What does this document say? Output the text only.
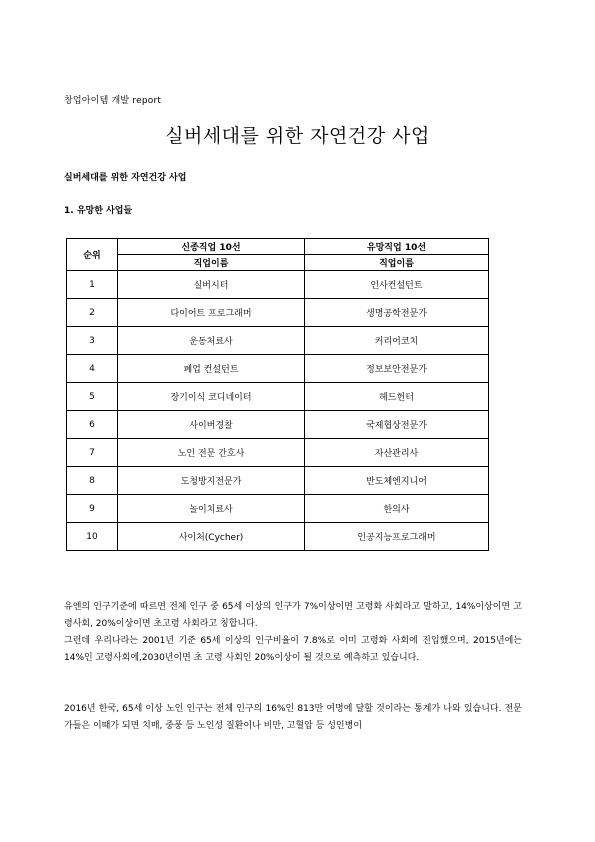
창업아이템 개발 report
실버세대를 위한 자연건강 사업
실버세대를 위한 자연건강 사업
1. 유망한 사업들
순위	신종직업 10선	유망직업 10선
	직업이름	직업이름
1	실버시터	인사컨설턴트
2	다이어트 프로그래머	생명공학전문가
3	운동처료사	커리어코치
4	폐업 컨설턴트	정보보안전문가
5	장기이식 코디네이터	헤드헌터
6	사이버경찰	국제협상전문가
7	노인 전문 간호사	자산관리사
8	도청방지전문가	반도체엔지니어
9	놀이치료사	한의사
10	사이처(Cycher)	인공지능프로그래머

유엔의 인구기준에 따르면 전체 인구 중 65세 이상의 인구가 7%이상이면 고령화 사회라고 말하고, 14%이상이면 고령사회, 20%이상이면 초고령 사회라고 칭합니다.

그런데 우리나라는 2001년 기준 65세 이상의 인구비율이 7.8%로 이미 고령화 사회에 진입했으며, 2015년에는 14%인 고령사회에,2030년이면 초 고령 사회인 20%이상이 될 것으로 예측하고 있습니다.

2016년 한국, 65세 이상 노인 인구는 전체 인구의 16%인 813만 여명에 달할 것이라는 통계가 나와 있습니다. 전문가들은 이때가 되면 치매, 중풍 등 노인성 질환이나 비만, 고혈압 등 성인병이
